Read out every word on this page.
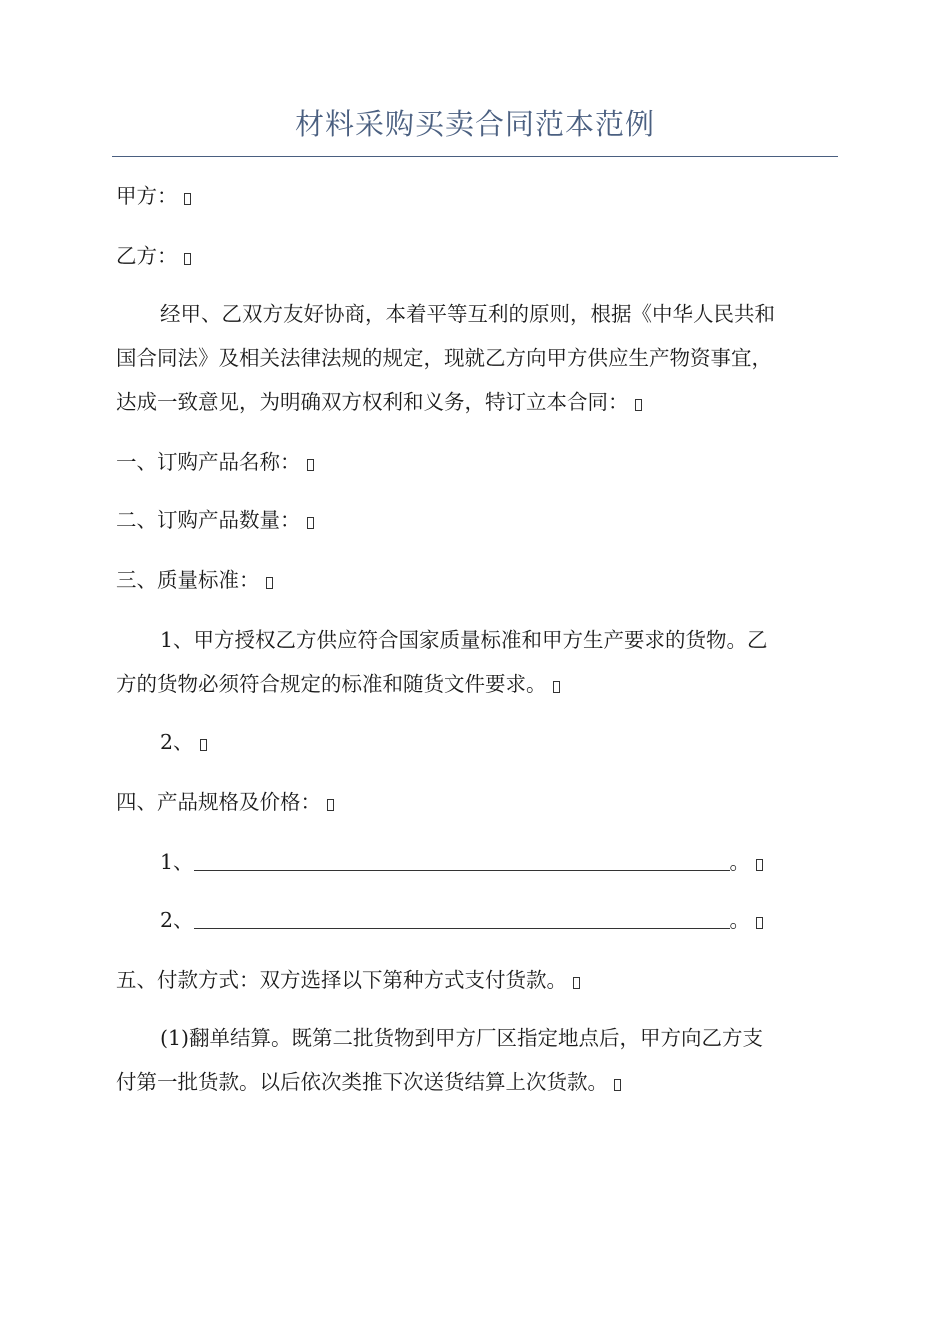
材料采购买卖合同范本范例
甲方：
乙方：
经甲、乙双方友好协商，本着平等互利的原则，根据《中华人民共和
国合同法》及相关法律法规的规定，现就乙方向甲方供应生产物资事宜，
达成一致意见，为明确双方权利和义务，特订立本合同：
一、订购产品名称：
二、订购产品数量：
三、质量标准：
1、甲方授权乙方供应符合国家质量标准和甲方生产要求的货物。乙
方的货物必须符合规定的标准和随货文件要求。
2、
四、产品规格及价格：
1、	。
2、	。
五、付款方式：双方选择以下第种方式支付货款。
(1)翻单结算。既第二批货物到甲方厂区指定地点后，甲方向乙方支
付第一批货款。以后依次类推下次送货结算上次货款。
